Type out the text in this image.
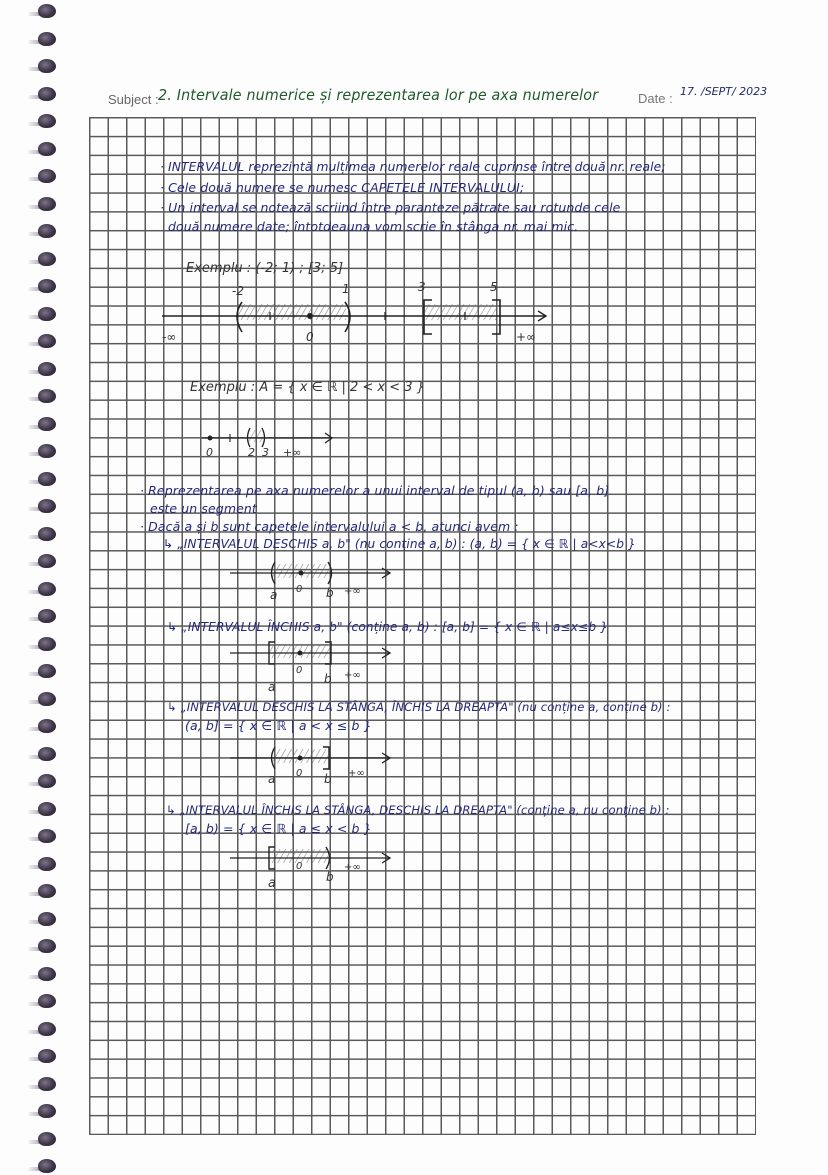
Subject : 2. Intervale numerice și reprezentarea lor pe axa numerelor	Date : 17. /SEPT/ 2023
· INTERVALUL reprezintă mulțimea numerelor reale cuprinse între două nr. reale;
· Cele două numere se numesc CAPETELE INTERVALULUI;
· Un interval se notează scriind între paranteze pătrate sau rotunde cele
două numere date; întotdeauna vom scrie în stânga nr. mai mic.
Exemplu : (-2; 1) ; [3; 5]
-2	1	3	5
0
-∞	+∞
Exemplu : A = { x ∈ ℝ | 2 < x < 3 }
0	2 3 +∞
· Reprezentarea pe axa numerelor a unui interval de tipul (a, b) sau [a, b]
este un segment
· Dacă a și b sunt capetele intervalului a < b, atunci avem :
↳ „INTERVALUL DESCHIS a, b" (nu conține a, b) : (a, b) = { x ∈ ℝ | a<x<b }
a 0 b +∞
↳ „INTERVALUL ÎNCHIS a, b" (conține a, b) : [a, b] = { x ∈ ℝ | a≤x≤b }
a
0
b +∞
↳ „INTERVALUL DESCHIS LA STÂNGA, ÎNCHIS LA DREAPTA" (nu conține a, conține b) :
(a, b] = { x ∈ ℝ | a < x ≤ b }
a 0 b +∞
↳ „INTERVALUL ÎNCHIS LA STÂNGA, DESCHIS LA DREAPTA" (conține a, nu conține b) :
[a, b) = { x ∈ ℝ | a ≤ x < b }
a
0
b
+∞
